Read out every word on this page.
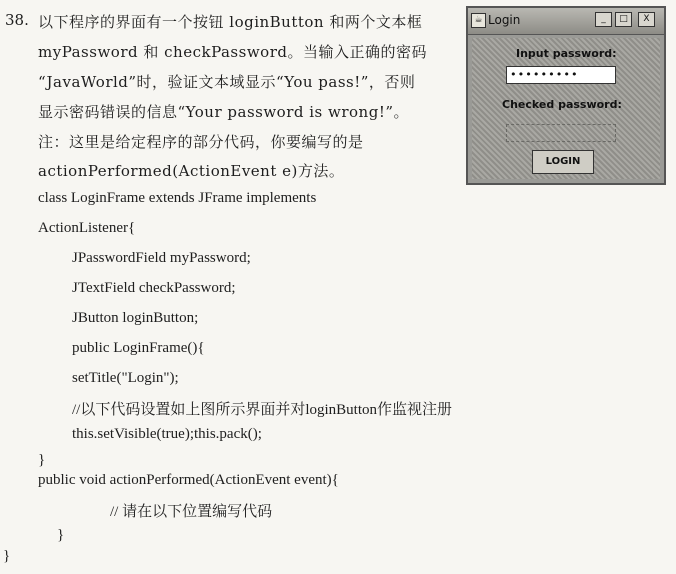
38. 以下程序的界面有一个按钮 loginButton 和两个文本框
myPassword 和 checkPassword。当输入正确的密码
“JavaWorld”时，验证文本域显示“You pass!”，否则
显示密码错误的信息“Your password is wrong!”。
注：这里是给定程序的部分代码，你要编写的是
actionPerformed(ActionEvent e)方法。
class LoginFrame extends JFrame implements
ActionListener{
JPasswordField myPassword;
JTextField checkPassword;
JButton loginButton;
public LoginFrame(){
setTitle("Login");
//以下代码设置如上图所示界面并对loginButton作监视注册
this.setVisible(true);this.pack();
}
public void actionPerformed(ActionEvent event){
// 请在以下位置编写代码
}
}
☕ Login	_	□	X
Input password:
•••••••••
Checked password:
LOGIN
